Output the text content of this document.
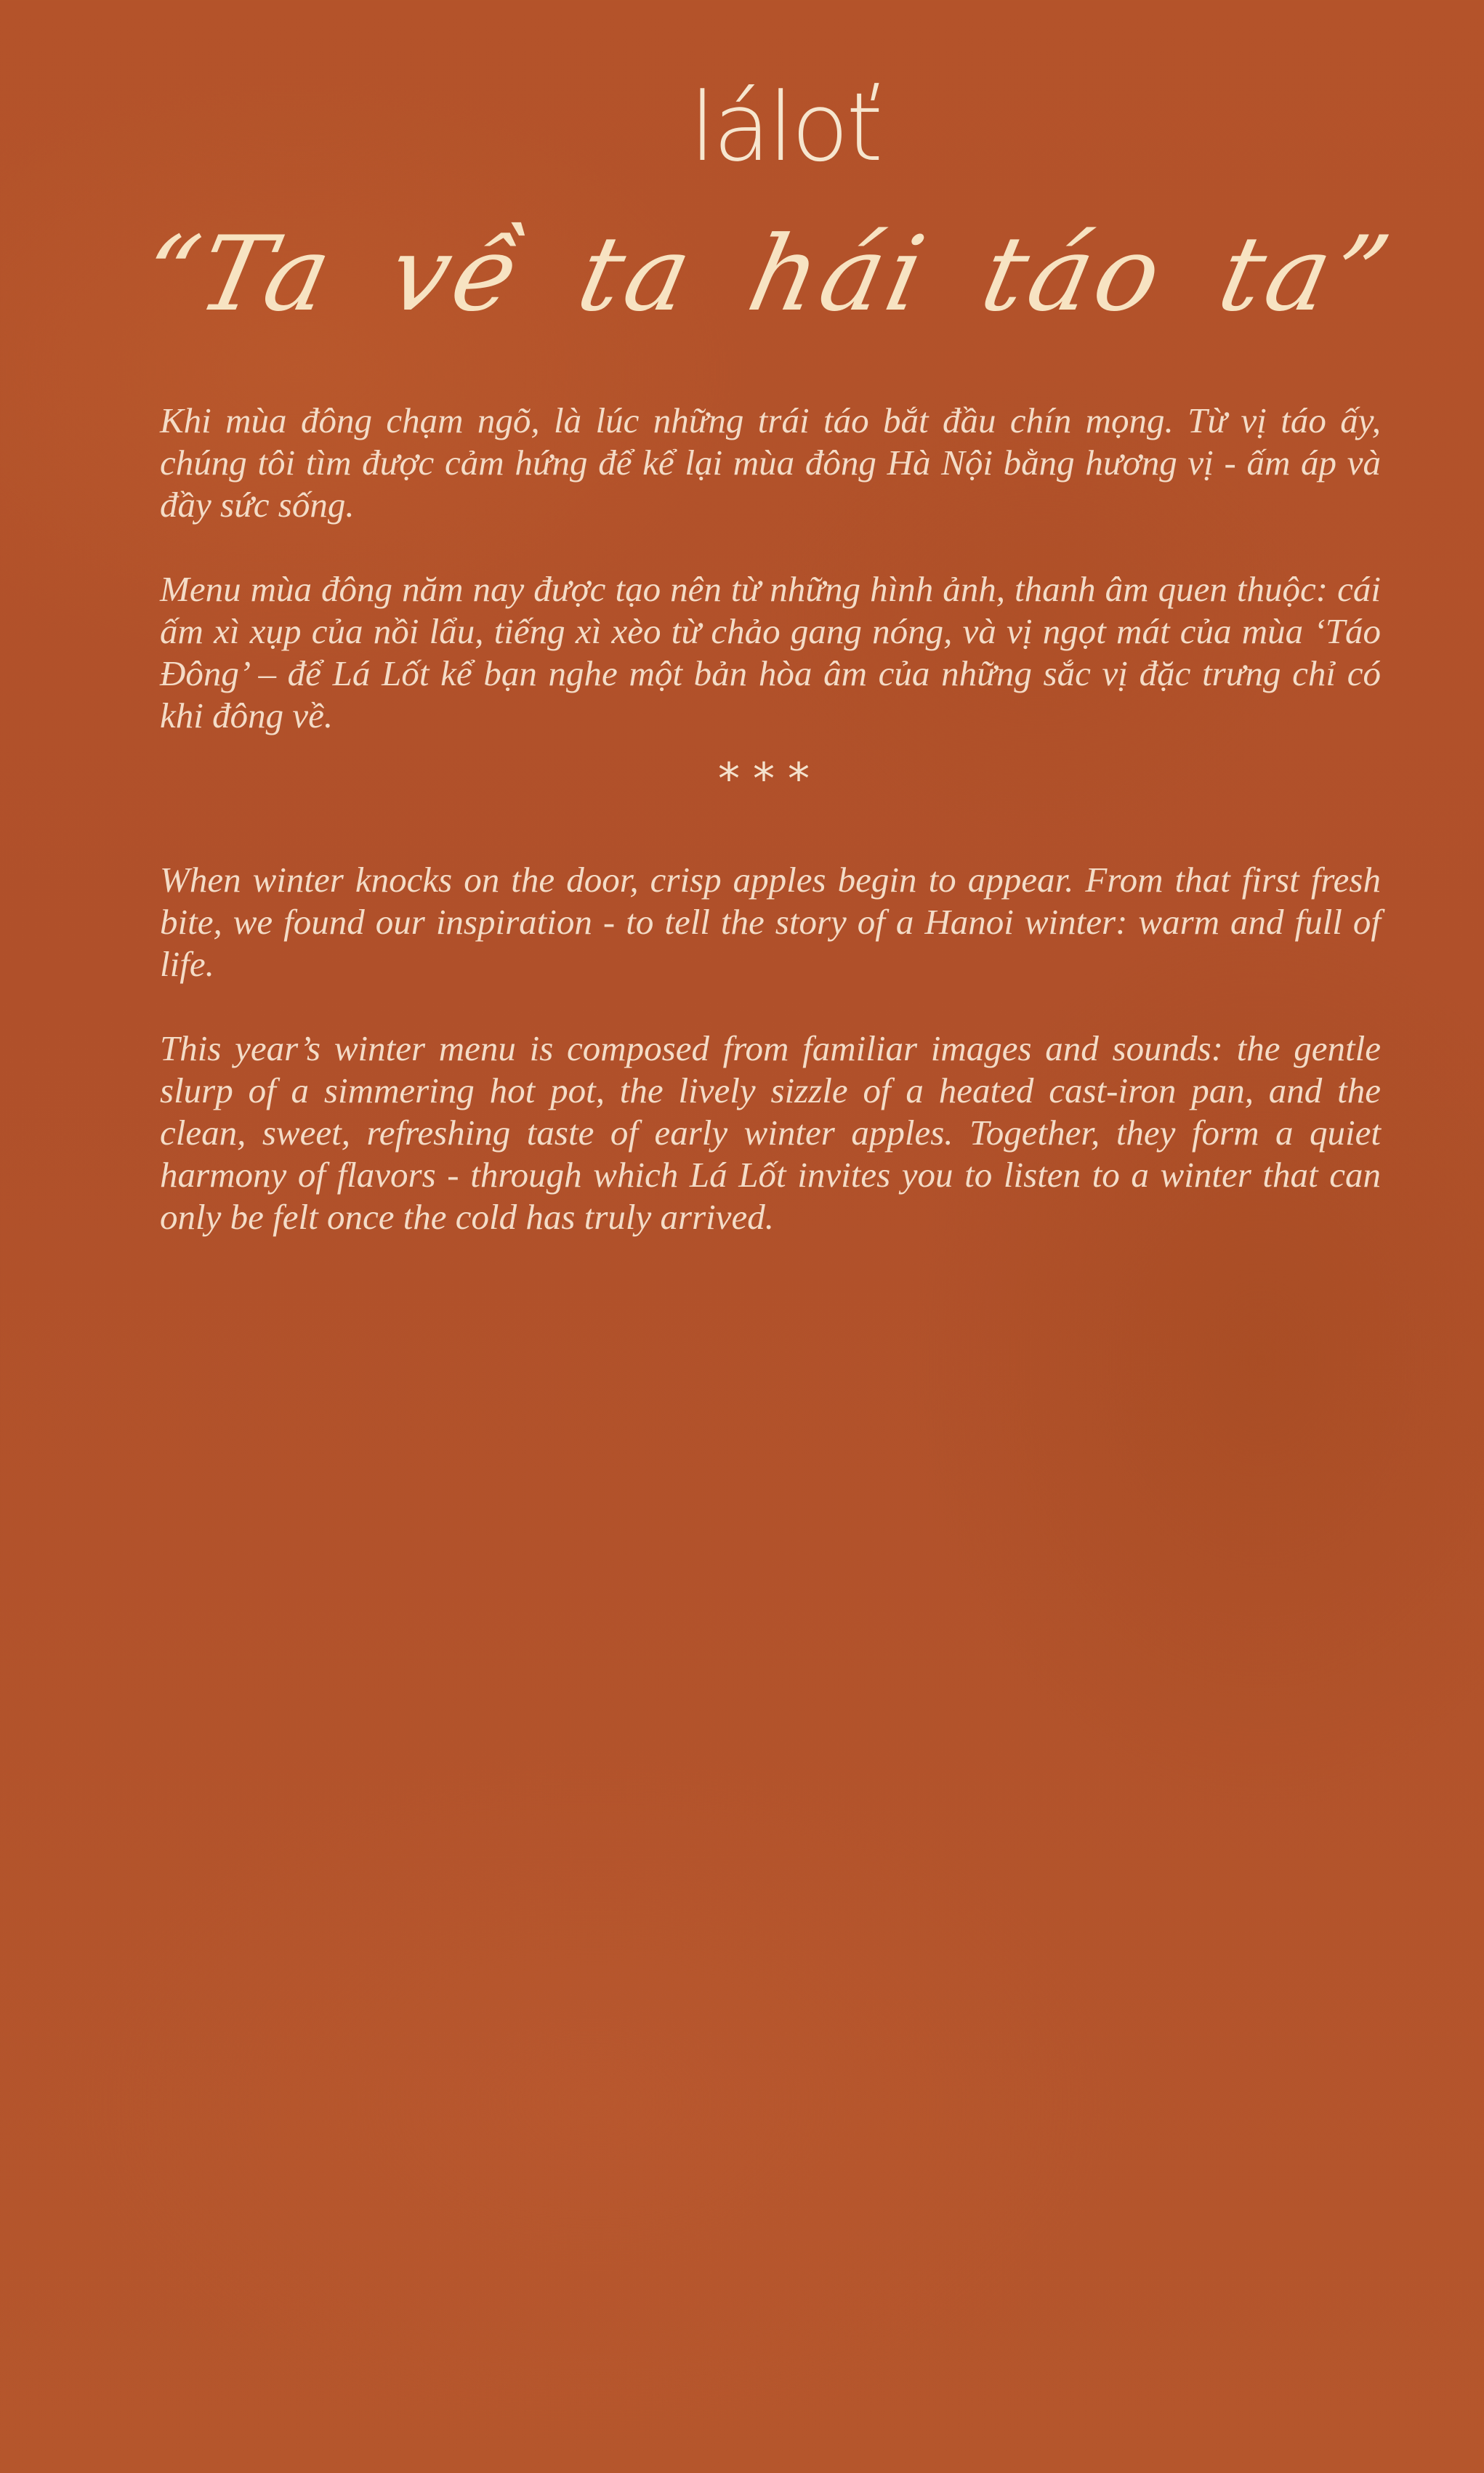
láloť
“Ta về ta hái táo ta”

Khi mùa đông chạm ngõ, là lúc những trái táo bắt đầu chín mọng. Từ vị táo ấy, chúng tôi tìm được cảm hứng để kể lại mùa đông Hà Nội bằng hương vị - ấm áp và đầy sức sống.

Menu mùa đông năm nay được tạo nên từ những hình ảnh, thanh âm quen thuộc: cái ấm xì xụp của nồi lẩu, tiếng xì xèo từ chảo gang nóng, và vị ngọt mát của mùa ‘Táo Đông’ – để Lá Lốt kể bạn nghe một bản hòa âm của những sắc vị đặc trưng chỉ có khi đông về.

***

When winter knocks on the door, crisp apples begin to appear. From that first fresh bite, we found our inspiration - to tell the story of a Hanoi winter: warm and full of life.

This year’s winter menu is composed from familiar images and sounds: the gentle slurp of a simmering hot pot, the lively sizzle of a heated cast-iron pan, and the clean, sweet, refreshing taste of early winter apples. Together, they form a quiet harmony of flavors - through which Lá Lốt invites you to listen to a winter that can only be felt once the cold has truly arrived.
